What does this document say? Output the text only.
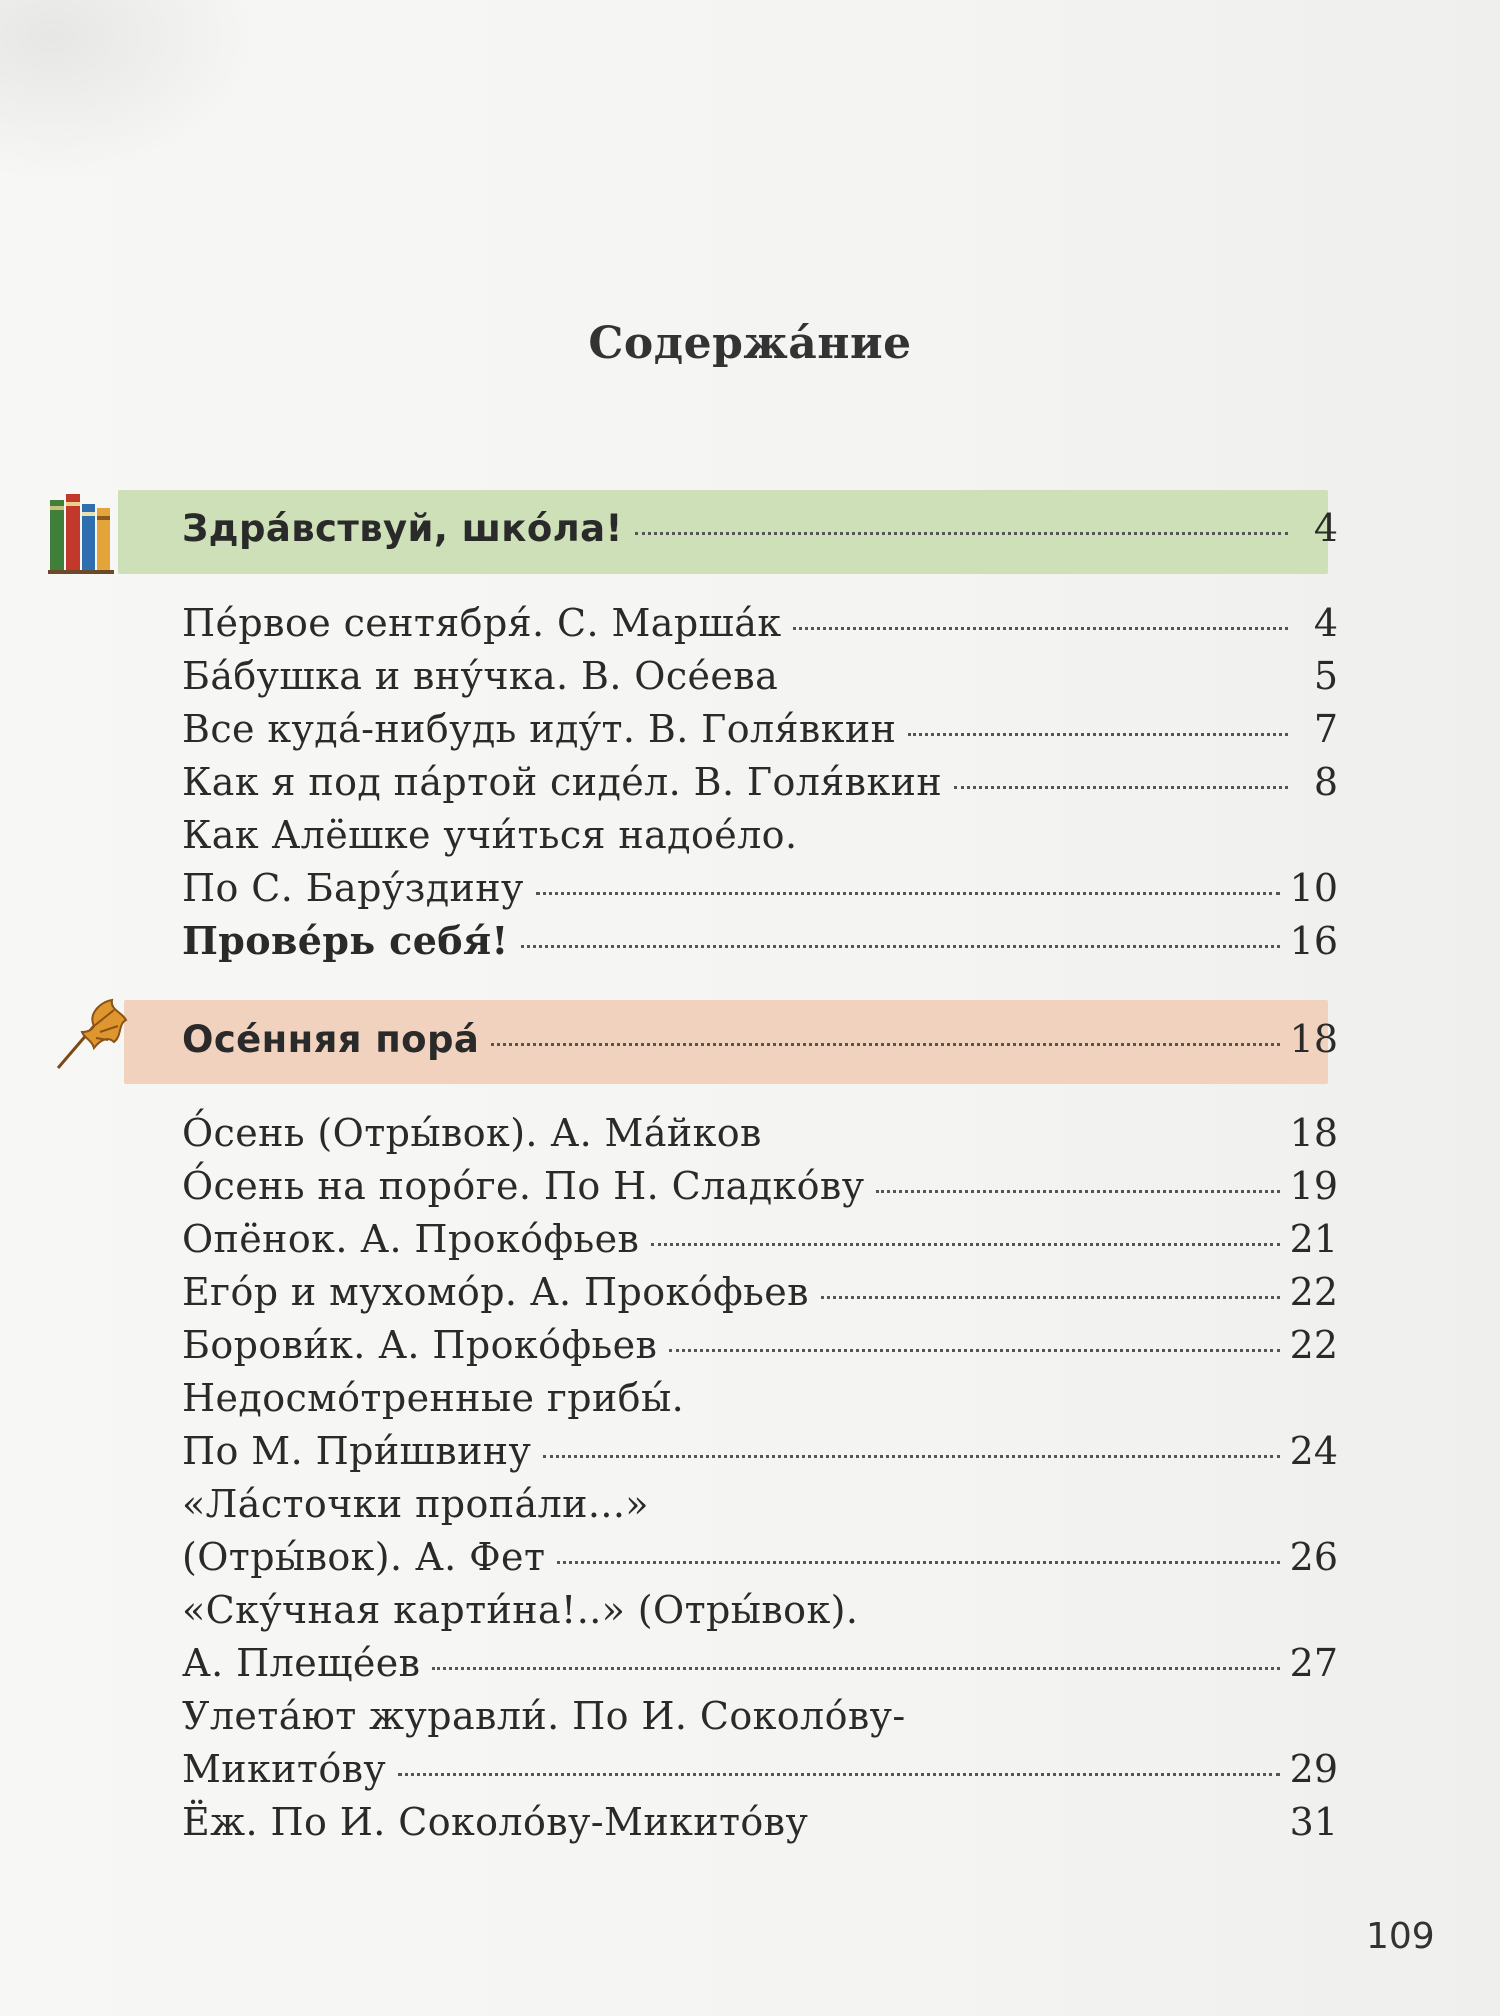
Содержа́ние
Здра́вствуй, шко́ла!	4
Пе́рвое сентября́. С. Марша́к	4
Ба́бушка и вну́чка. В. Осе́ева	5
Все куда́-нибудь иду́т. В. Голя́вкин	7
Как я под па́ртой сиде́л. В. Голя́вкин	8
Как Алёшке учи́ться надое́ло.
По С. Бару́здину	10
Прове́рь себя́!	16
Осе́нняя пора́	18
О́сень (Отры́вок). А. Ма́йков	18
О́сень на поро́ге. По Н. Сладко́ву	19
Опёнок. А. Проко́фьев	21
Его́р и мухомо́р. А. Проко́фьев	22
Борови́к. А. Проко́фьев	22
Недосмо́тренные грибы́.
По М. При́швину	24
«Ла́сточки пропа́ли...»
(Отры́вок). А. Фет	26
«Ску́чная карти́на!..» (Отры́вок).
А. Плеще́ев	27
Улета́ют журавли́. По И. Соколо́ву-
Микито́ву	29
Ёж. По И. Соколо́ву-Микито́ву	31
109
